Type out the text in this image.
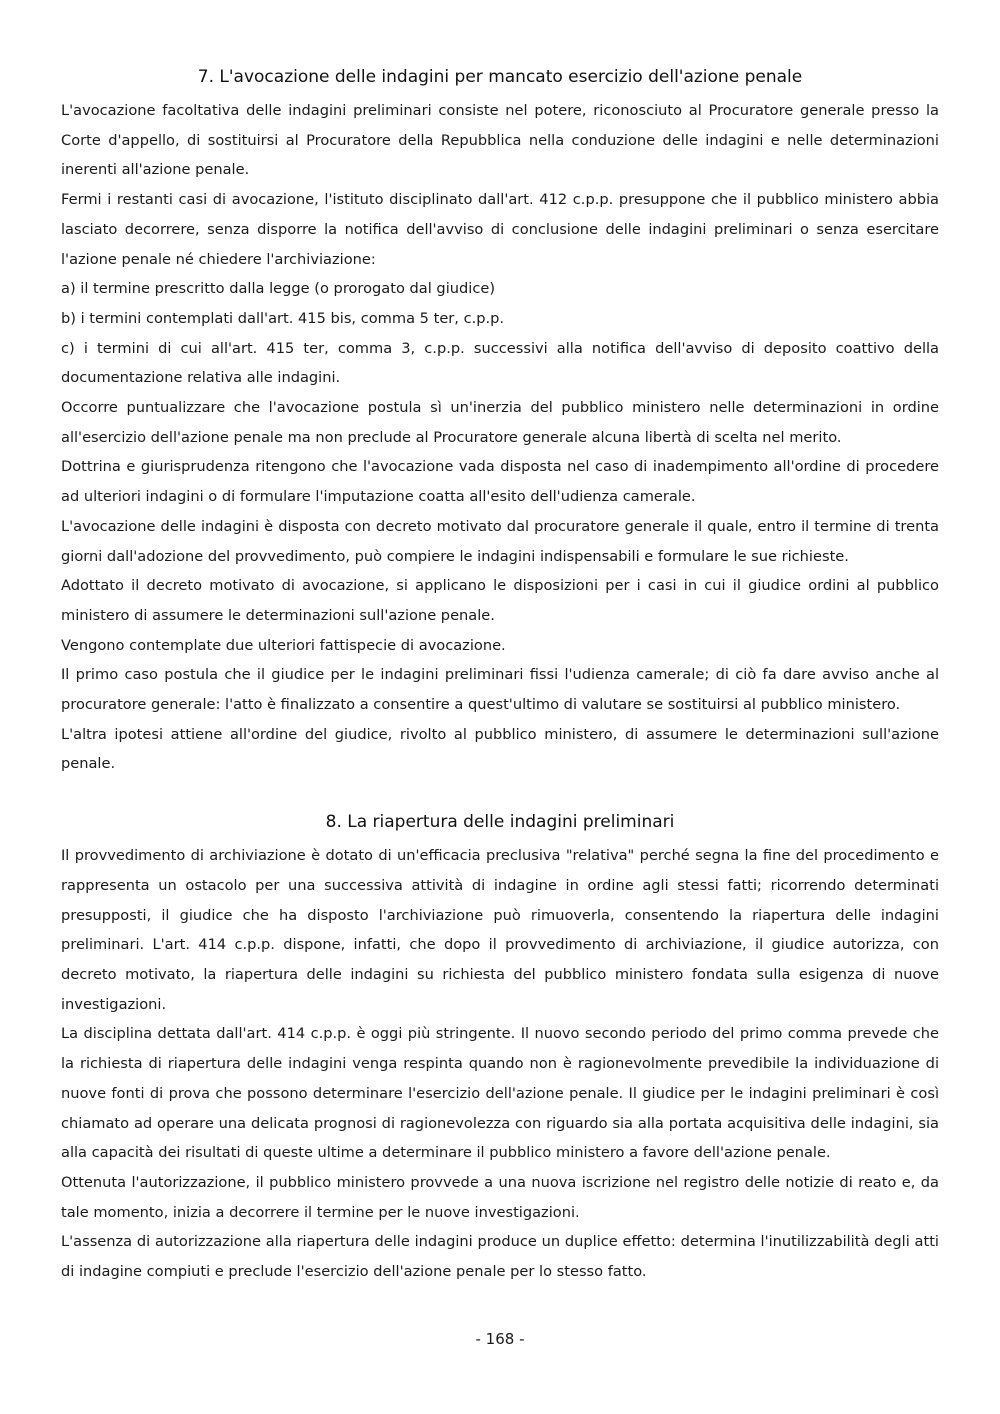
7. L'avocazione delle indagini per mancato esercizio dell'azione penale

L'avocazione facoltativa delle indagini preliminari consiste nel potere, riconosciuto al Procuratore generale presso la Corte d'appello, di sostituirsi al Procuratore della Repubblica nella conduzione delle indagini e nelle determinazioni inerenti all'azione penale.

Fermi i restanti casi di avocazione, l'istituto disciplinato dall'art. 412 c.p.p. presuppone che il pubblico ministero abbia lasciato decorrere, senza disporre la notifica dell'avviso di conclusione delle indagini preliminari o senza esercitare l'azione penale né chiedere l'archiviazione:

a) il termine prescritto dalla legge (o prorogato dal giudice)

b) i termini contemplati dall'art. 415 bis, comma 5 ter, c.p.p.

c) i termini di cui all'art. 415 ter, comma 3, c.p.p. successivi alla notifica dell'avviso di deposito coattivo della documentazione relativa alle indagini.

Occorre puntualizzare che l'avocazione postula sì un'inerzia del pubblico ministero nelle determinazioni in ordine all'esercizio dell'azione penale ma non preclude al Procuratore generale alcuna libertà di scelta nel merito.

Dottrina e giurisprudenza ritengono che l'avocazione vada disposta nel caso di inadempimento all'ordine di procedere ad ulteriori indagini o di formulare l'imputazione coatta all'esito dell'udienza camerale.

L'avocazione delle indagini è disposta con decreto motivato dal procuratore generale il quale, entro il termine di trenta giorni dall'adozione del provvedimento, può compiere le indagini indispensabili e formulare le sue richieste.

Adottato il decreto motivato di avocazione, si applicano le disposizioni per i casi in cui il giudice ordini al pubblico ministero di assumere le determinazioni sull'azione penale.

Vengono contemplate due ulteriori fattispecie di avocazione.

Il primo caso postula che il giudice per le indagini preliminari fissi l'udienza camerale; di ciò fa dare avviso anche al procuratore generale: l'atto è finalizzato a consentire a quest'ultimo di valutare se sostituirsi al pubblico ministero.

L'altra ipotesi attiene all'ordine del giudice, rivolto al pubblico ministero, di assumere le determinazioni sull'azione penale.

8. La riapertura delle indagini preliminari

Il provvedimento di archiviazione è dotato di un'efficacia preclusiva "relativa" perché segna la fine del procedimento e rappresenta un ostacolo per una successiva attività di indagine in ordine agli stessi fatti; ricorrendo determinati presupposti, il giudice che ha disposto l'archiviazione può rimuoverla, consentendo la riapertura delle indagini preliminari. L'art. 414 c.p.p. dispone, infatti, che dopo il provvedimento di archiviazione, il giudice autorizza, con decreto motivato, la riapertura delle indagini su richiesta del pubblico ministero fondata sulla esigenza di nuove investigazioni.

La disciplina dettata dall'art. 414 c.p.p. è oggi più stringente. Il nuovo secondo periodo del primo comma prevede che la richiesta di riapertura delle indagini venga respinta quando non è ragionevolmente prevedibile la individuazione di nuove fonti di prova che possono determinare l'esercizio dell'azione penale. Il giudice per le indagini preliminari è così chiamato ad operare una delicata prognosi di ragionevolezza con riguardo sia alla portata acquisitiva delle indagini, sia alla capacità dei risultati di queste ultime a determinare il pubblico ministero a favore dell'azione penale.

Ottenuta l'autorizzazione, il pubblico ministero provvede a una nuova iscrizione nel registro delle notizie di reato e, da tale momento, inizia a decorrere il termine per le nuove investigazioni.

L'assenza di autorizzazione alla riapertura delle indagini produce un duplice effetto: determina l'inutilizzabilità degli atti di indagine compiuti e preclude l'esercizio dell'azione penale per lo stesso fatto.

- 168 -
